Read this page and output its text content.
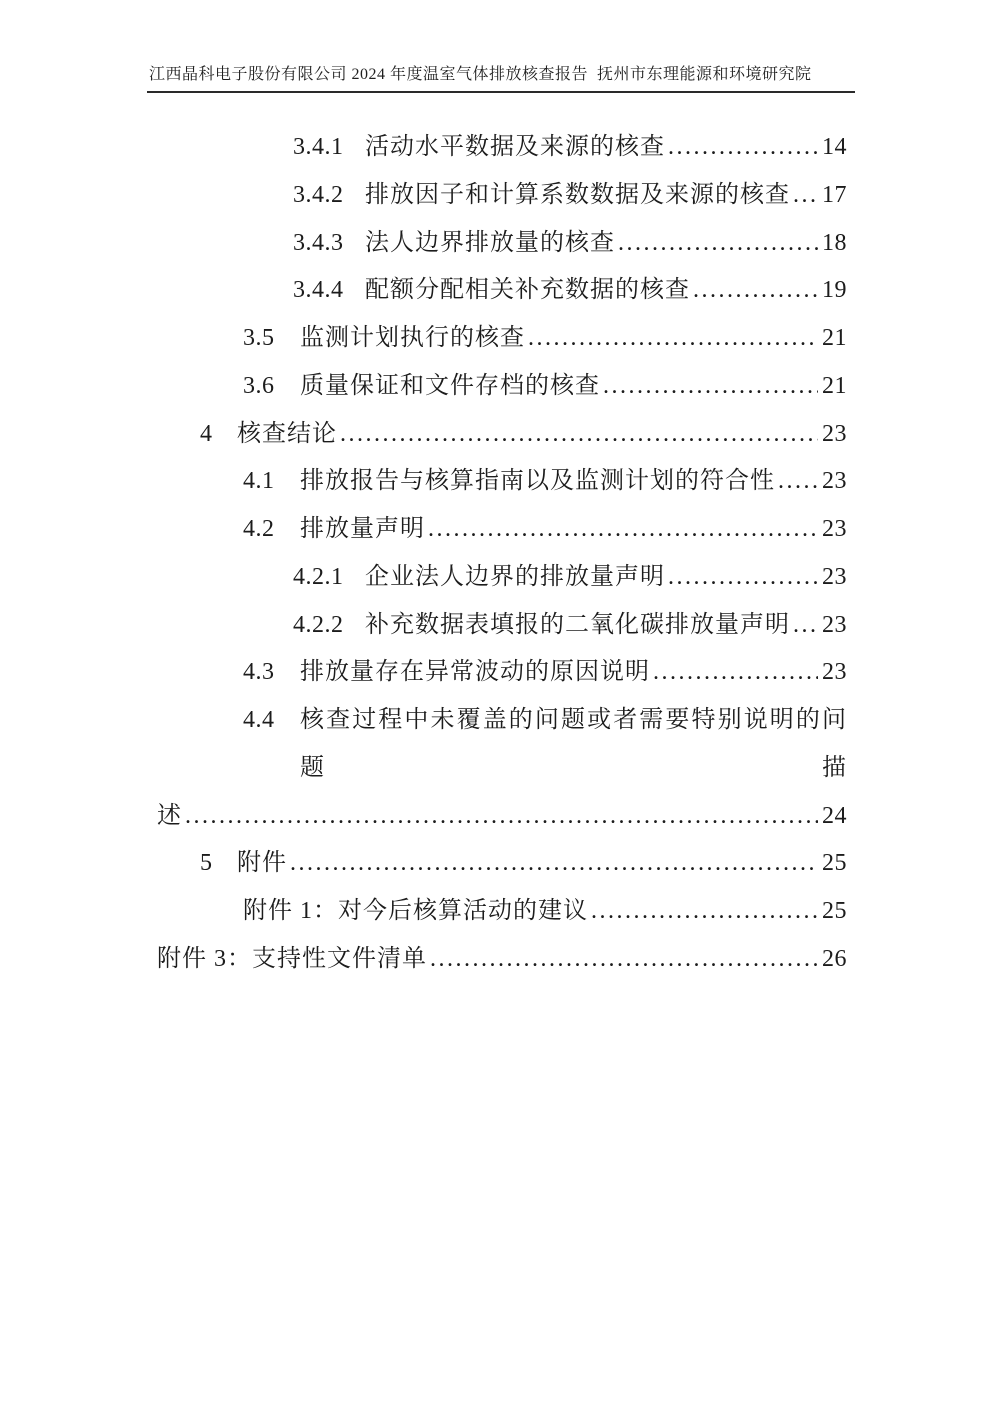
江西晶科电子股份有限公司 2024 年度温室气体排放核查报告  抚州市东理能源和环境研究院
3.4.1 活动水平数据及来源的核查 .....	14
3.4.2 排放因子和计算系数数据及来源的核查 ..... 17
3.4.3 法人边界排放量的核查 .....	18
3.4.4 配额分配相关补充数据的核查 .....	19
3.5	监测计划执行的核查 .....	21
3.6	质量保证和文件存档的核查 .....	21
4	核查结论 .....	23
4.1	排放报告与核算指南以及监测计划的符合性 ..... 23
4.2	排放量声明 .....	23
4.2.1 企业法人边界的排放量声明 .....	23
4.2.2 补充数据表填报的二氧化碳排放量声明 ..... 23
4.3	排放量存在异常波动的原因说明 .....	23
4.4	核查过程中未覆盖的问题或者需要特别说明的问题描
述 .....	24
5	附件 .....	25
附件 1：对今后核算活动的建议 .....	25
附件 3：支持性文件清单 .....	26
